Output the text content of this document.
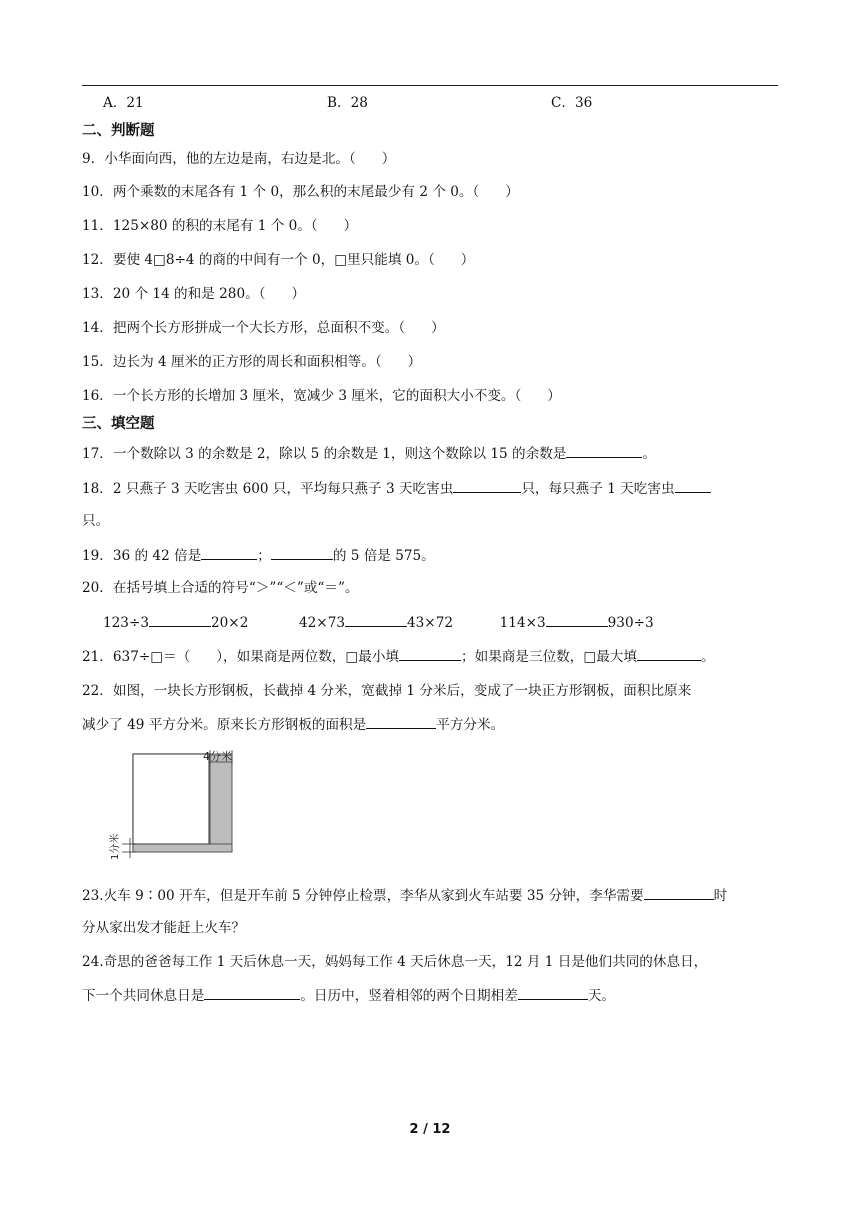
A．21	B．28	C．36
二、判断题
9．小华面向西，他的左边是南，右边是北。（ ）
10．两个乘数的末尾各有 1 个 0，那么积的末尾最少有 2 个 0。（ ）
11．125×80 的积的末尾有 1 个 0。（ ）
12．要使 4□8÷4 的商的中间有一个 0，□里只能填 0。（ ）
13．20 个 14 的和是 280。（ ）
14．把两个长方形拼成一个大长方形，总面积不变。（ ）
15．边长为 4 厘米的正方形的周长和面积相等。（ ）
16．一个长方形的长增加 3 厘米，宽减少 3 厘米，它的面积大小不变。（ ）
三、填空题
17．一个数除以 3 的余数是 2，除以 5 的余数是 1，则这个数除以 15 的余数是	。
18．2 只燕子 3 天吃害虫 600 只，平均每只燕子 3 天吃害虫	只，每只燕子 1 天吃害虫
只。
19．36 的 42 倍是	；	的 5 倍是 575。
20．在括号填上合适的符号“＞”“＜”或“＝”。
123÷3	20×2	42×73	43×72	114×3	930÷3
21．637÷□＝（ ），如果商是两位数，□最小填	；如果商是三位数，□最大填	。
22．如图，一块长方形钢板，长截掉 4 分米，宽截掉 1 分米后，变成了一块正方形钢板，面积比原来
减少了 49 平方分米。原来长方形钢板的面积是	平方分米。
4分米
1分米
23.火车 9∶00 开车，但是开车前 5 分钟停止检票，李华从家到火车站要 35 分钟，李华需要	时
分从家出发才能赶上火车？
24.奇思的爸爸每工作 1 天后休息一天，妈妈每工作 4 天后休息一天，12 月 1 日是他们共同的休息日，
下一个共同休息日是	。日历中，竖着相邻的两个日期相差	天。
2 / 12
